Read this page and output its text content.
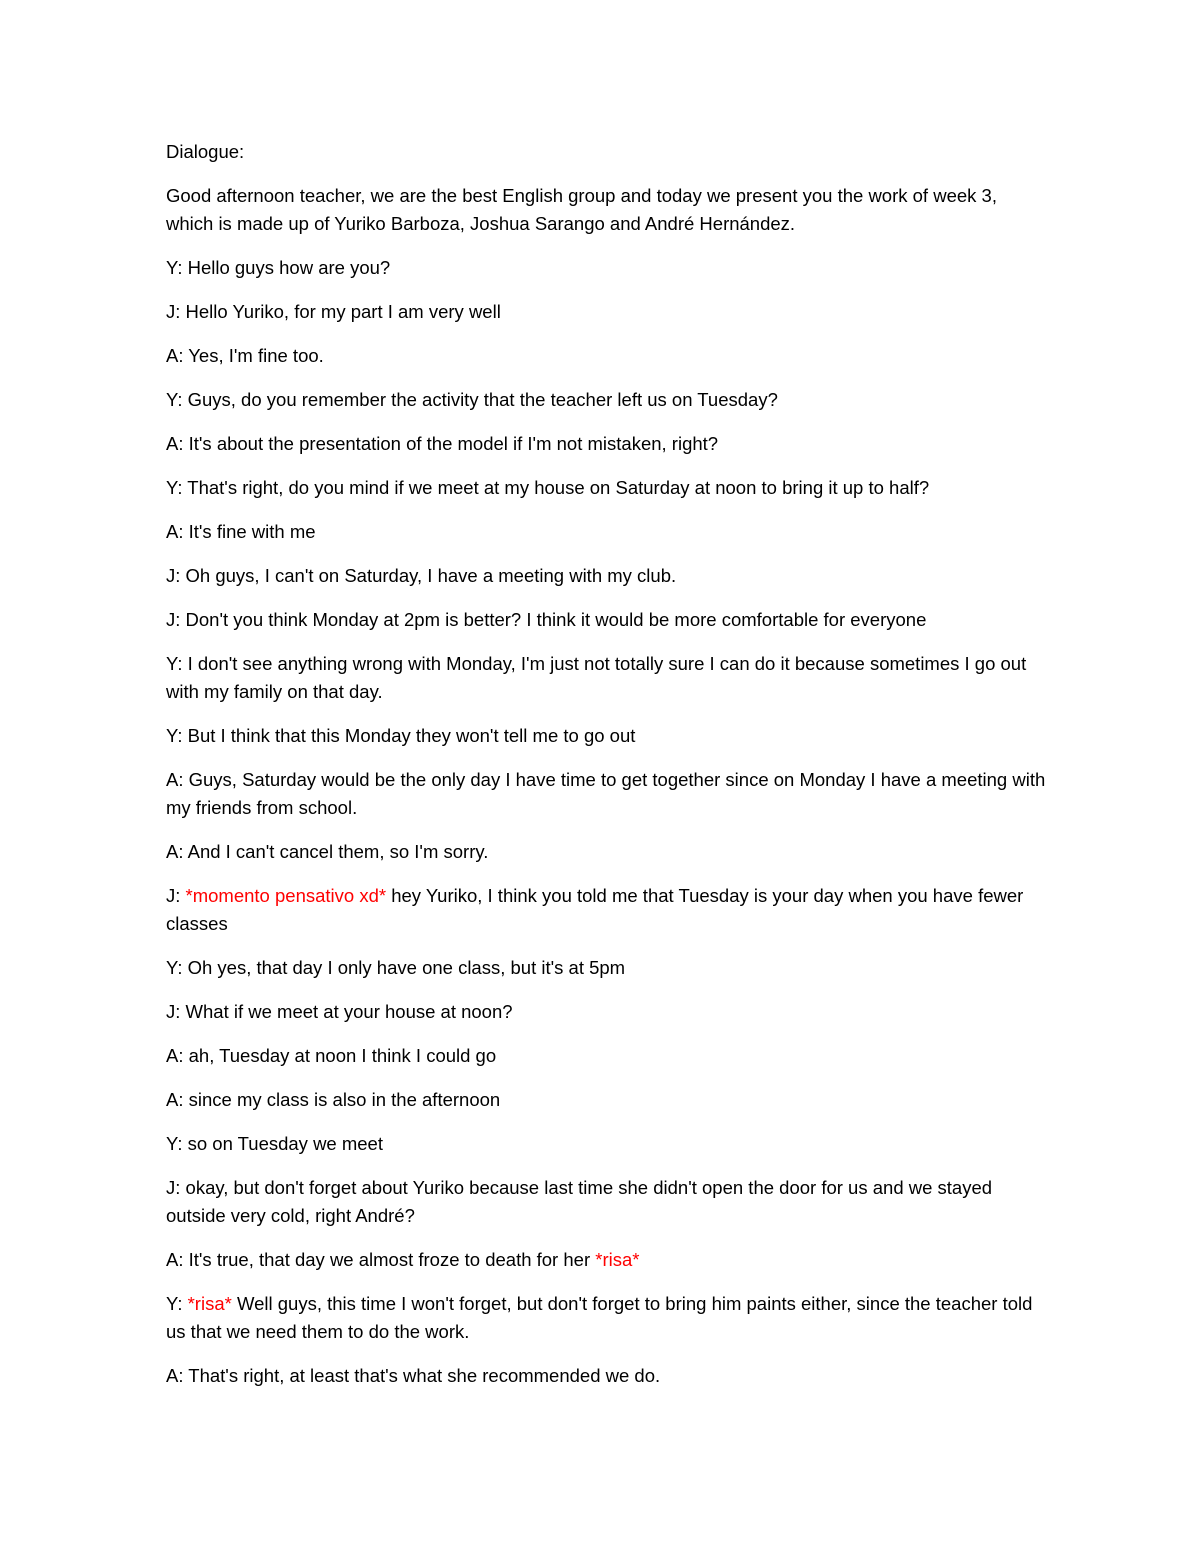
Dialogue:

Good afternoon teacher, we are the best English group and today we present you the work of week 3, which is made up of Yuriko Barboza, Joshua Sarango and André Hernández.

Y: Hello guys how are you?

J: Hello Yuriko, for my part I am very well

A: Yes, I'm fine too.

Y: Guys, do you remember the activity that the teacher left us on Tuesday?

A: It's about the presentation of the model if I'm not mistaken, right?

Y: That's right, do you mind if we meet at my house on Saturday at noon to bring it up to half?

A: It's fine with me

J: Oh guys, I can't on Saturday, I have a meeting with my club.

J: Don't you think Monday at 2pm is better? I think it would be more comfortable for everyone

Y: I don't see anything wrong with Monday, I'm just not totally sure I can do it because sometimes I go out with my family on that day.

Y: But I think that this Monday they won't tell me to go out

A: Guys, Saturday would be the only day I have time to get together since on Monday I have a meeting with my friends from school.

A: And I can't cancel them, so I'm sorry.

J: *momento pensativo xd* hey Yuriko, I think you told me that Tuesday is your day when you have fewer classes

Y: Oh yes, that day I only have one class, but it's at 5pm

J: What if we meet at your house at noon?

A: ah, Tuesday at noon I think I could go

A: since my class is also in the afternoon

Y: so on Tuesday we meet

J: okay, but don't forget about Yuriko because last time she didn't open the door for us and we stayed outside very cold, right André?

A: It's true, that day we almost froze to death for her *risa*

Y: *risa* Well guys, this time I won't forget, but don't forget to bring him paints either, since the teacher told us that we need them to do the work.

A: That's right, at least that's what she recommended we do.
